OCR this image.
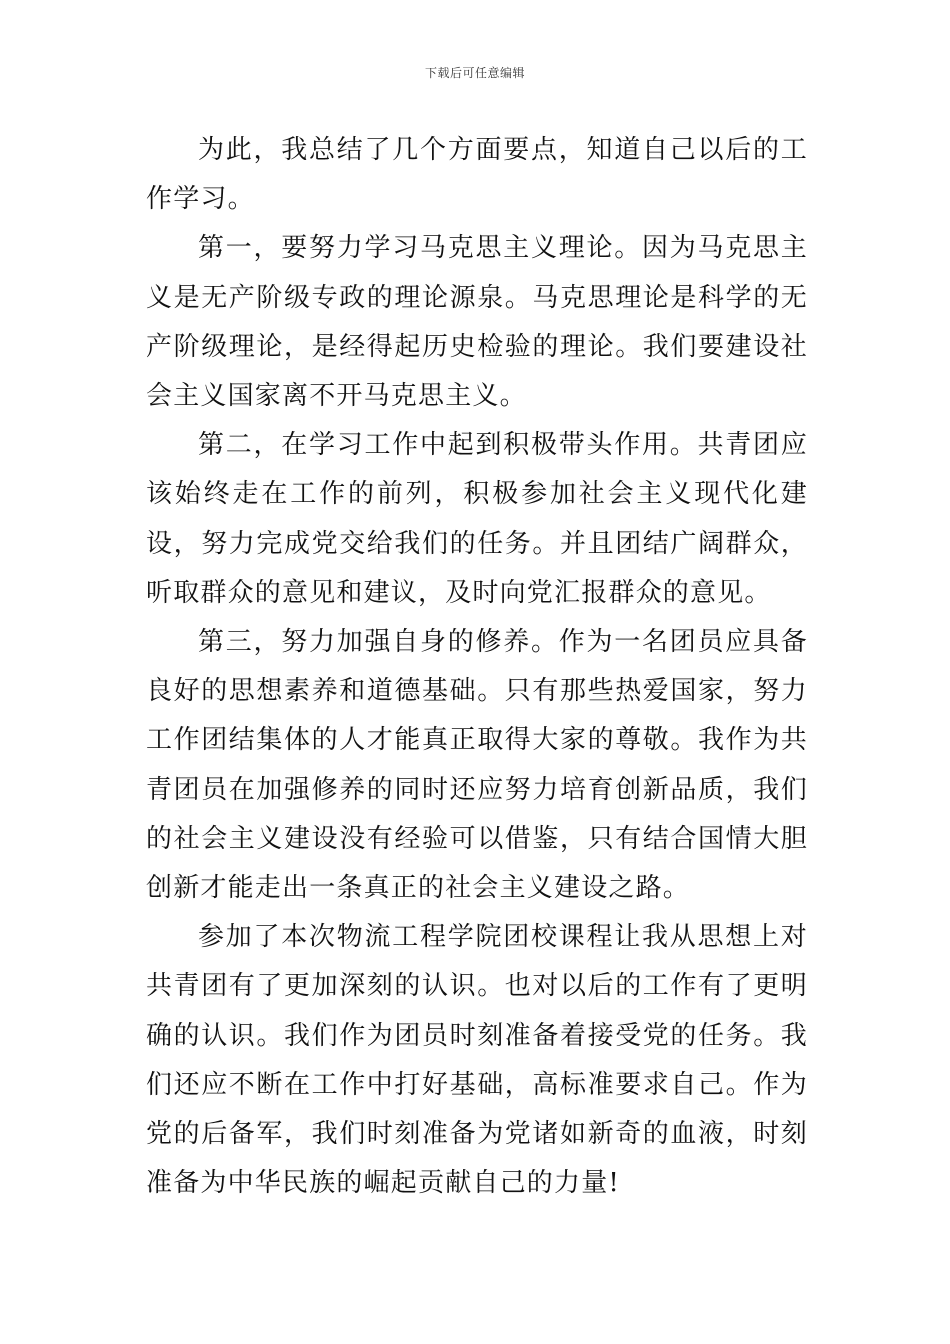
下载后可任意编辑

为此，我总结了几个方面要点，知道自己以后的工作学习。

第一，要努力学习马克思主义理论。因为马克思主义是无产阶级专政的理论源泉。马克思理论是科学的无产阶级理论，是经得起历史检验的理论。我们要建设社会主义国家离不开马克思主义。

第二，在学习工作中起到积极带头作用。共青团应该始终走在工作的前列，积极参加社会主义现代化建设，努力完成党交给我们的任务。并且团结广阔群众，听取群众的意见和建议，及时向党汇报群众的意见。

第三，努力加强自身的修养。作为一名团员应具备良好的思想素养和道德基础。只有那些热爱国家，努力工作团结集体的人才能真正取得大家的尊敬。我作为共青团员在加强修养的同时还应努力培育创新品质，我们的社会主义建设没有经验可以借鉴，只有结合国情大胆创新才能走出一条真正的社会主义建设之路。

参加了本次物流工程学院团校课程让我从思想上对共青团有了更加深刻的认识。也对以后的工作有了更明确的认识。我们作为团员时刻准备着接受党的任务。我们还应不断在工作中打好基础，高标准要求自己。作为党的后备军，我们时刻准备为党诸如新奇的血液，时刻准备为中华民族的崛起贡献自己的力量!
